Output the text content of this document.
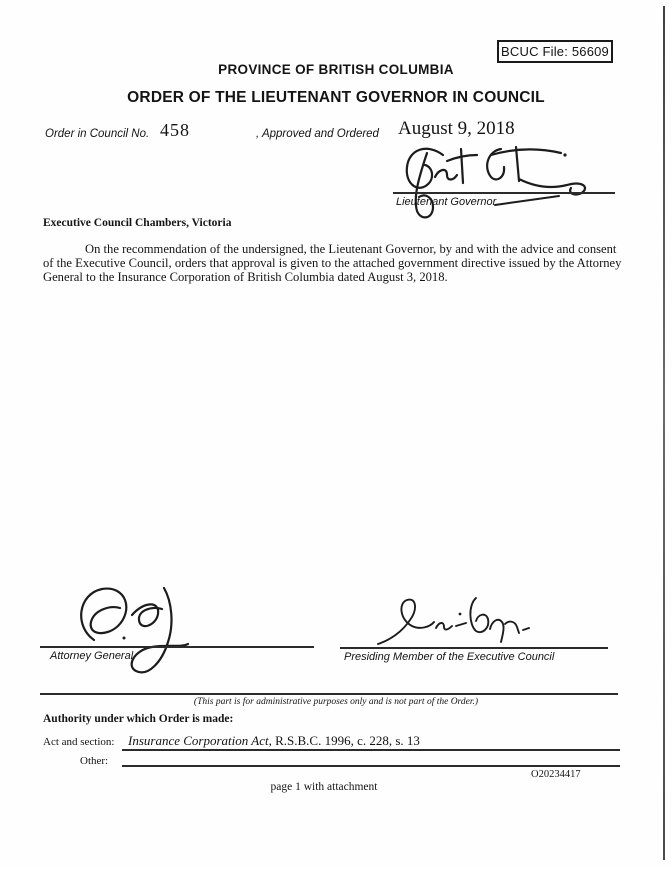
BCUC File: 56609
PROVINCE OF BRITISH COLUMBIA
ORDER OF THE LIEUTENANT GOVERNOR IN COUNCIL
Order in Council No. 458	, Approved and Ordered August 9, 2018
Lieutenant Governor
Executive Council Chambers, Victoria
On the recommendation of the undersigned, the Lieutenant Governor, by and with the advice and consent of the Executive Council, orders that approval is given to the attached government directive issued by the Attorney General to the Insurance Corporation of British Columbia dated August 3, 2018.
Attorney General	Presiding Member of the Executive Council
(This part is for administrative purposes only and is not part of the Order.)
Authority under which Order is made:
Act and section: Insurance Corporation Act, R.S.B.C. 1996, c. 228, s. 13
Other:
O20234417
page 1 with attachment
